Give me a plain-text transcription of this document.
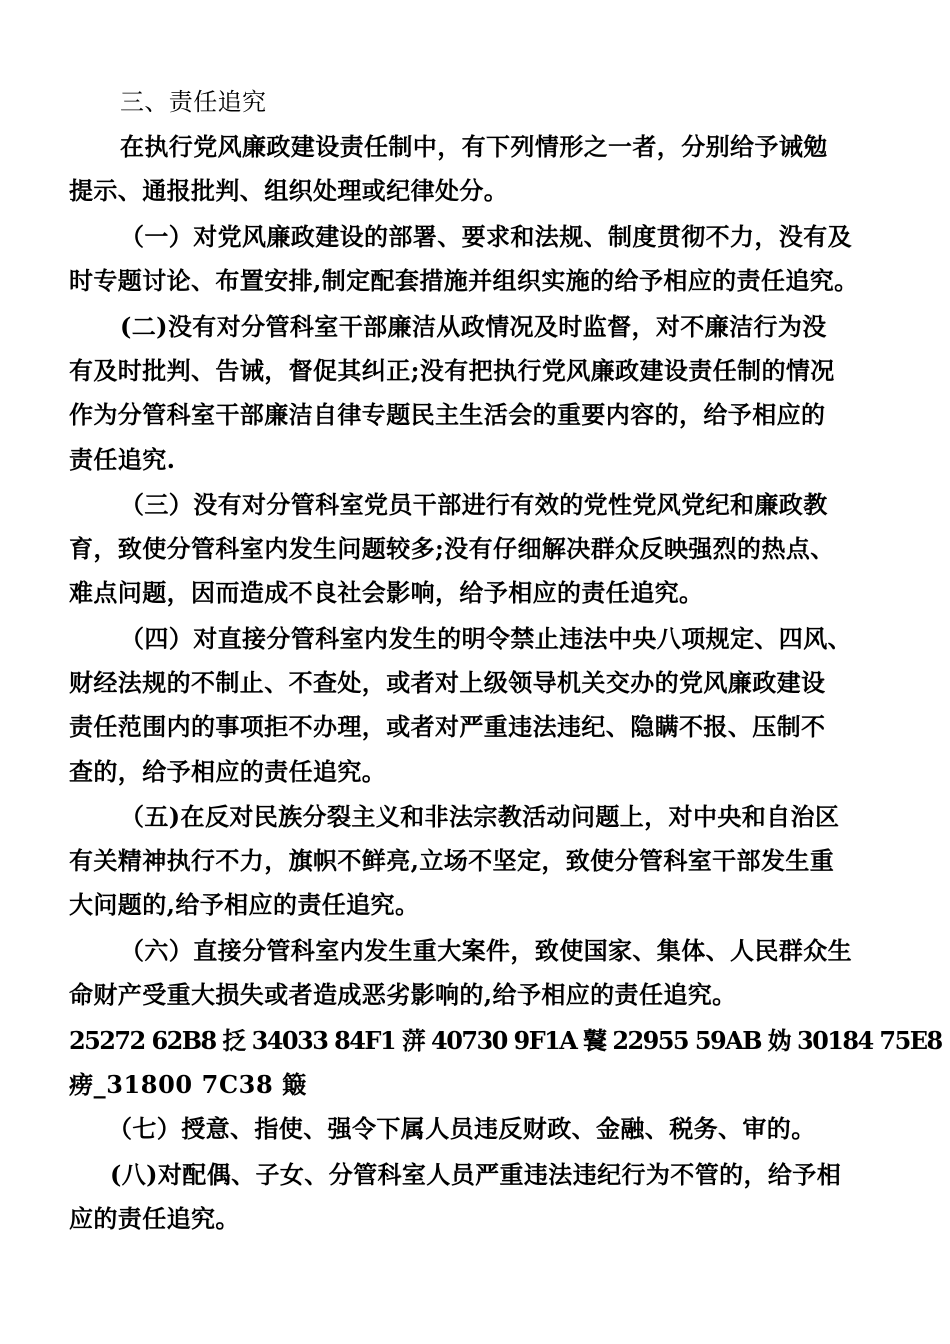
三、责任追究
在执行党风廉政建设责任制中，有下列情形之一者，分别给予诫勉
提示、通报批判、组织处理或纪律处分。
（一）对党风廉政建设的部署、要求和法规、制度贯彻不力，没有及
时专题讨论、布置安排,制定配套措施并组织实施的给予相应的责任追究。
(二)没有对分管科室干部廉洁从政情况及时监督，对不廉洁行为没
有及时批判、告诫，督促其纠正;没有把执行党风廉政建设责任制的情况
作为分管科室干部廉洁自律专题民主生活会的重要内容的，给予相应的
责任追究.
（三）没有对分管科室党员干部进行有效的党性党风党纪和廉政教
育，致使分管科室内发生问题较多;没有仔细解决群众反映强烈的热点、
难点问题，因而造成不良社会影响，给予相应的责任追究。
（四）对直接分管科室内发生的明令禁止违法中央八项规定、四风、
财经法规的不制止、不查处，或者对上级领导机关交办的党风廉政建设
责任范围内的事项拒不办理，或者对严重违法违纪、隐瞒不报、压制不
查的，给予相应的责任追究。
（五)在反对民族分裂主义和非法宗教活动问题上，对中央和自治区
有关精神执行不力，旗帜不鲜亮,立场不坚定，致使分管科室干部发生重
大问题的,给予相应的责任追究。
（六）直接分管科室内发生重大案件，致使国家、集体、人民群众生
命财产受重大损失或者造成恶劣影响的,给予相应的责任追究。
25272 62B8 抸 34033 84F1 蓱 40730 9F1A 鼚 22955 59AB 妫 30184 75E8
痨_31800 7C38 簸
（七）授意、指使、强令下属人员违反财政、金融、税务、审的。
(八)对配偶、子女、分管科室人员严重违法违纪行为不管的，给予相
应的责任追究。
